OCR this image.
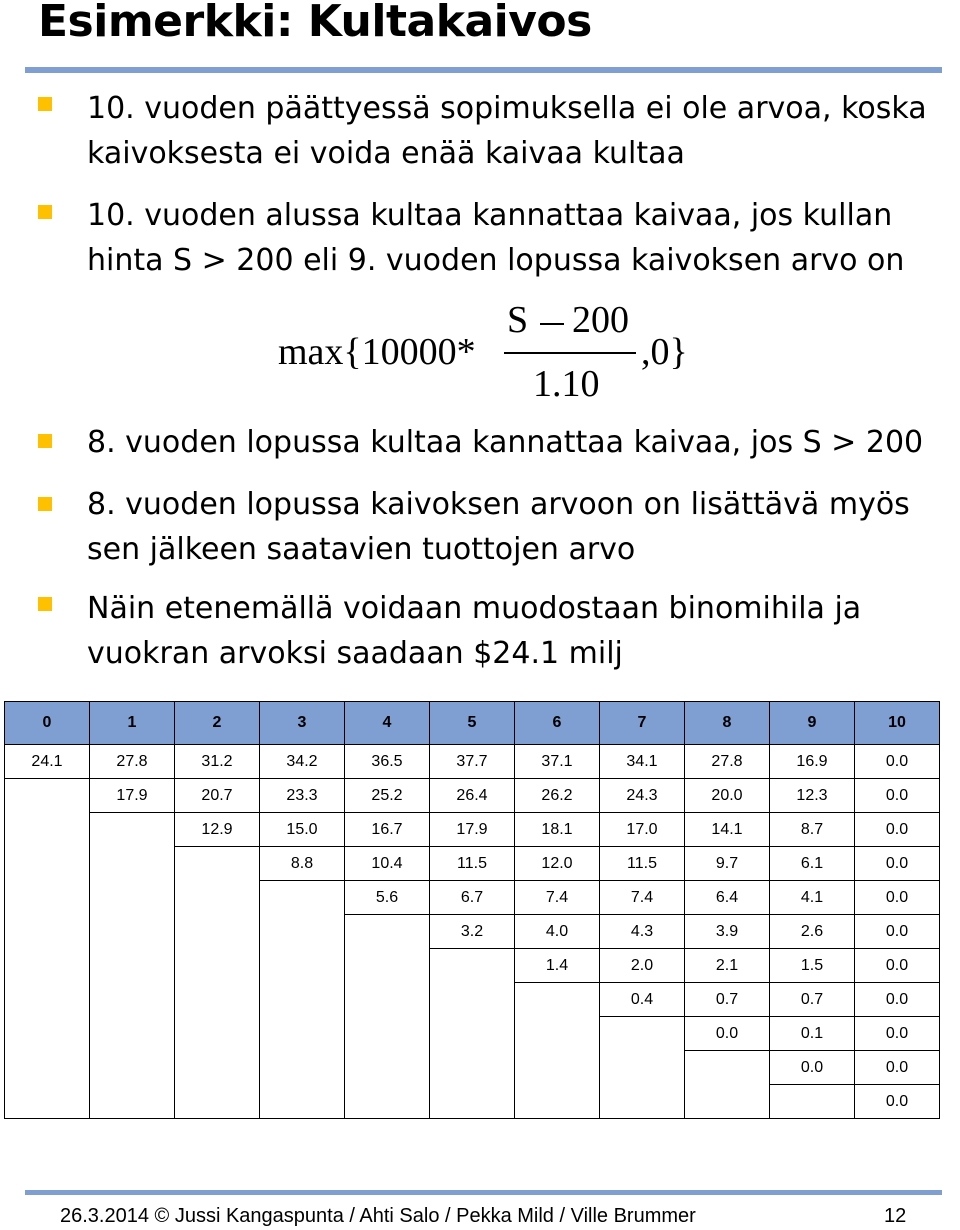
Esimerkki: Kultakaivos
10. vuoden päättyessä sopimuksella ei ole arvoa, koska kaivoksesta ei voida enää kaivaa kultaa
10. vuoden alussa kultaa kannattaa kaivaa, jos kullan hinta S > 200 eli 9. vuoden lopussa kaivoksen arvo on
max{10000*
S 200
1.10
,0}
8. vuoden lopussa kultaa kannattaa kaivaa, jos S > 200
8. vuoden lopussa kaivoksen arvoon on lisättävä myös sen jälkeen saatavien tuottojen arvo
Näin etenemällä voidaan muodostaan binomihila ja vuokran arvoksi saadaan $24.1 milj
0	1	2	3	4	5	6	7	8	9	10
24.1	27.8	31.2	34.2	36.5	37.7	37.1	34.1	27.8	16.9	0.0
	17.9	20.7	23.3	25.2	26.4	26.2	24.3	20.0	12.3	0.0
		12.9	15.0	16.7	17.9	18.1	17.0	14.1	8.7	0.0
			8.8	10.4	11.5	12.0	11.5	9.7	6.1	0.0
				5.6	6.7	7.4	7.4	6.4	4.1	0.0
					3.2	4.0	4.3	3.9	2.6	0.0
						1.4	2.0	2.1	1.5	0.0
							0.4	0.7	0.7	0.0
								0.0	0.1	0.0
									0.0	0.0
										0.0
26.3.2014 © Jussi Kangaspunta / Ahti Salo / Pekka Mild / Ville Brummer	12
